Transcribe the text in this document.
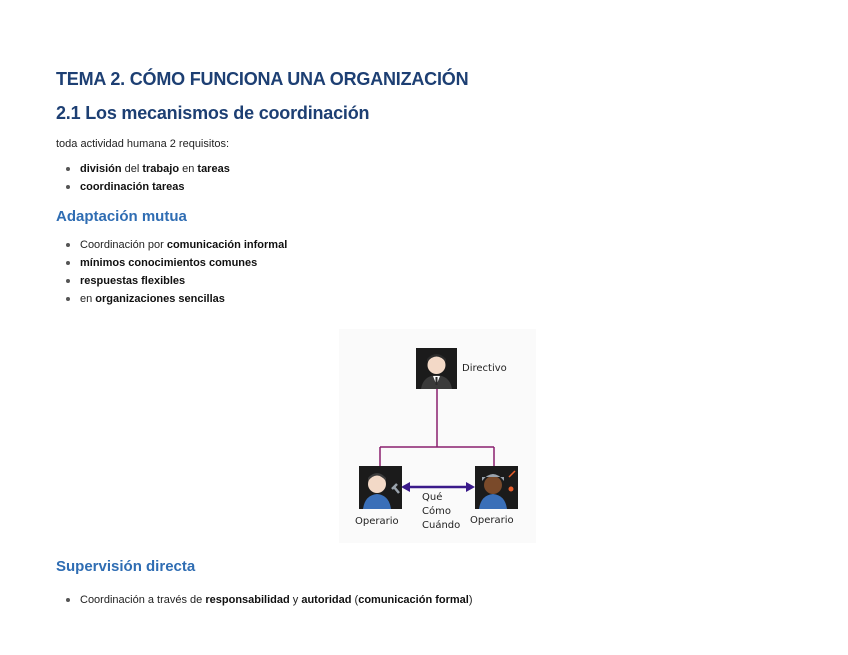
TEMA 2. CÓMO FUNCIONA UNA ORGANIZACIÓN
2.1 Los mecanismos de coordinación

toda actividad humana 2 requisitos:

división del trabajo en tareas
coordinación tareas
Adaptación mutua
Coordinación por comunicación informal
mínimos conocimientos comunes
respuestas flexibles
en organizaciones sencillas
Directivo
Operario	Operario
Qué
Cómo
Cuándo
Supervisión directa
Coordinación a través de responsabilidad y autoridad (comunicación formal)
